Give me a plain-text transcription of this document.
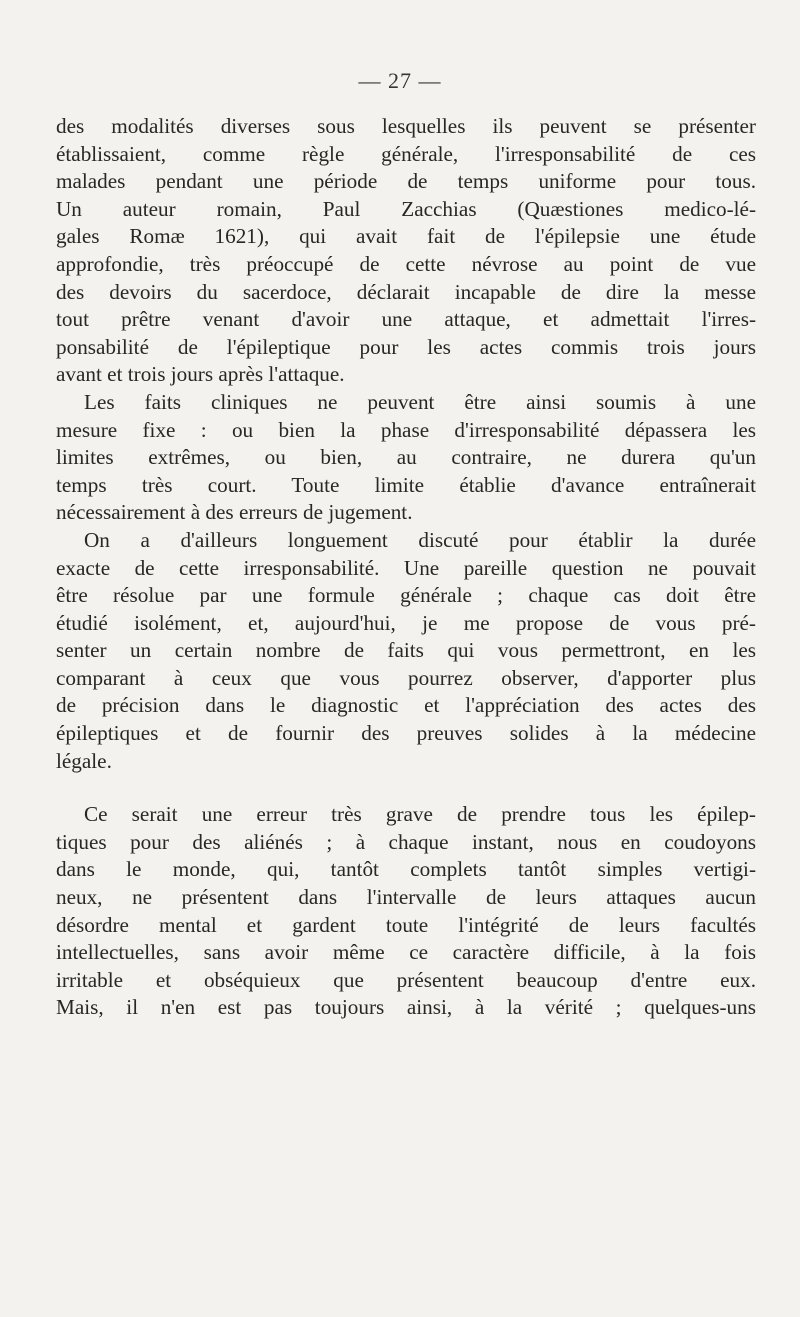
— 27 —
des modalités diverses sous lesquelles ils peuvent se présenter
établissaient, comme règle générale, l'irresponsabilité de ces
malades pendant une période de temps uniforme pour tous.
Un auteur romain, Paul Zacchias (Quæstiones medico-lé-
gales Romæ 1621), qui avait fait de l'épilepsie une étude
approfondie, très préoccupé de cette névrose au point de vue
des devoirs du sacerdoce, déclarait incapable de dire la messe
tout prêtre venant d'avoir une attaque, et admettait l'irres-
ponsabilité de l'épileptique pour les actes commis trois jours
avant et trois jours après l'attaque.
Les faits cliniques ne peuvent être ainsi soumis à une
mesure fixe : ou bien la phase d'irresponsabilité dépassera les
limites extrêmes, ou bien, au contraire, ne durera qu'un
temps très court. Toute limite établie d'avance entraînerait
nécessairement à des erreurs de jugement.
On a d'ailleurs longuement discuté pour établir la durée
exacte de cette irresponsabilité. Une pareille question ne pouvait
être résolue par une formule générale ; chaque cas doit être
étudié isolément, et, aujourd'hui, je me propose de vous pré-
senter un certain nombre de faits qui vous permettront, en les
comparant à ceux que vous pourrez observer, d'apporter plus
de précision dans le diagnostic et l'appréciation des actes des
épileptiques et de fournir des preuves solides à la médecine
légale.
Ce serait une erreur très grave de prendre tous les épilep-
tiques pour des aliénés ; à chaque instant, nous en coudoyons
dans le monde, qui, tantôt complets tantôt simples vertigi-
neux, ne présentent dans l'intervalle de leurs attaques aucun
désordre mental et gardent toute l'intégrité de leurs facultés
intellectuelles, sans avoir même ce caractère difficile, à la fois
irritable et obséquieux que présentent beaucoup d'entre eux.
Mais, il n'en est pas toujours ainsi, à la vérité ; quelques-uns
